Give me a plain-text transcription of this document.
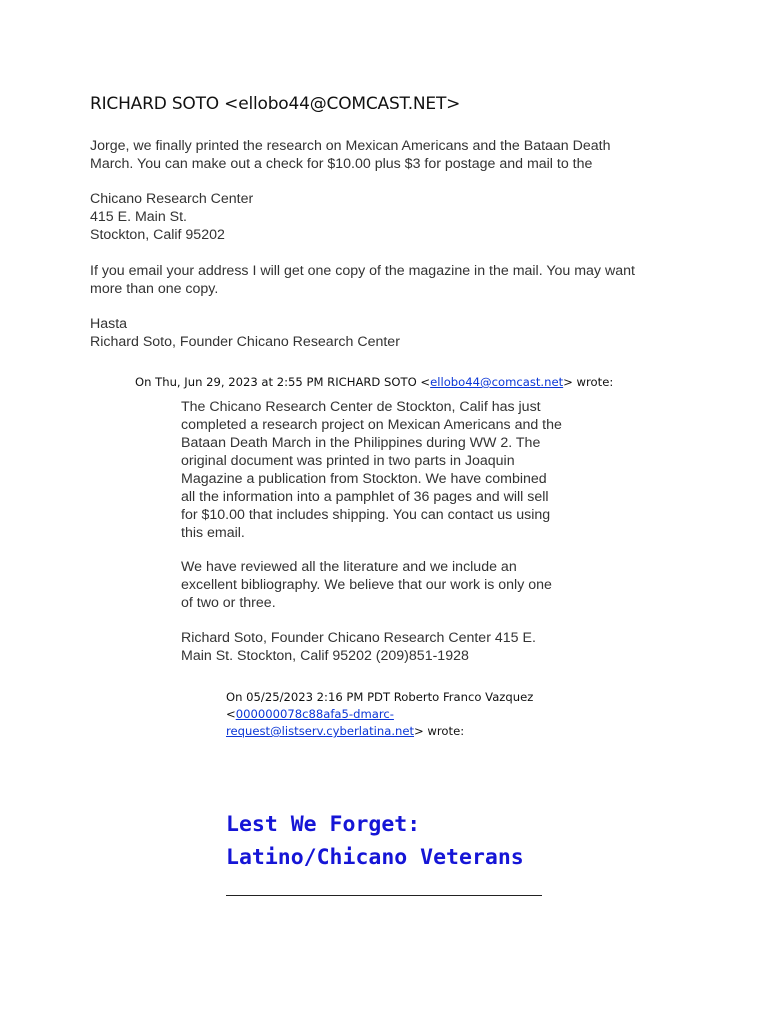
RICHARD SOTO <ellobo44@COMCAST.NET>

Jorge, we finally printed the research on Mexican Americans and the Bataan Death

March. You can make out a check for $10.00 plus $3 for postage and mail to the

Chicano Research Center

415 E. Main St.

Stockton, Calif 95202

If you email your address I will get one copy of the magazine in the mail. You may want

more than one copy.

Hasta

Richard Soto, Founder Chicano Research Center

On Thu, Jun 29, 2023 at 2:55 PM RICHARD SOTO <ellobo44@comcast.net> wrote:

The Chicano Research Center de Stockton, Calif has just

completed a research project on Mexican Americans and the

Bataan Death March in the Philippines during WW 2. The

original document was printed in two parts in Joaquin

Magazine a publication from Stockton. We have combined

all the information into a pamphlet of 36 pages and will sell

for $10.00 that includes shipping. You can contact us using

this email.

We have reviewed all the literature and we include an

excellent bibliography. We believe that our work is only one

of two or three.

Richard Soto, Founder Chicano Research Center 415 E.

Main St. Stockton, Calif 95202 (209)851-1928

On 05/25/2023 2:16 PM PDT Roberto Franco Vazquez

<000000078c88afa5-dmarc-

request@listserv.cyberlatina.net> wrote:

Lest We Forget:
Latino/Chicano Veterans
